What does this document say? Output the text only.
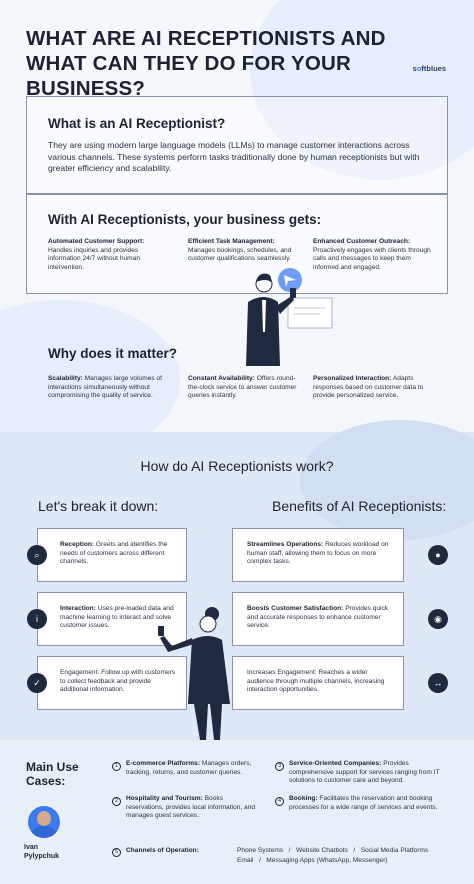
WHAT ARE AI RECEPTIONISTS AND WHAT CAN THEY DO FOR YOUR BUSINESS?
softblues
What is an AI Receptionist?

They are using modern large language models (LLMs) to manage customer interactions across various channels. These systems perform tasks traditionally done by human receptionists but with greater efficiency and scalability.

With AI Receptionists, your business gets:
Automated Customer Support:
Handles inquiries and provides information 24/7 without human intervention.
Efficient Task Management:
Manages bookings, schedules, and customer qualifications seamlessly.
Enhanced Customer Outreach:
Proactively engages with clients through calls and messages to keep them informed and engaged.
Why does it matter?
Scalability: Manages large volumes of interactions simultaneously without compromising the quality of service.
Constant Availability: Offers round-the-clock service to answer customer queries instantly.
Personalized Interaction: Adapts responses based on customer data to provide personalized service.
How do AI Receptionists work?
Let's break it down:	Benefits of AI Receptionists:
Reception: Greets and identifies the needs of customers across different channels.
⌕
Interaction: Uses pre-loaded data and machine learning to interact and solve customer issues.
i
Engagement: Follow up with customers to collect feedback and provide additional information.
✓
Streamlines Operations: Reduces workload on human staff, allowing them to focus on more complex tasks.
●
Boosts Customer Satisfaction: Provides quick and accurate responses to enhance customer service.
◉
Increases Engagement: Reaches a wider audience through multiple channels, increasing interaction opportunities.
↔
Main Use Cases:
Ivan
Pylypchuk
1	E-commerce Platforms: Manages orders, tracking, returns, and customer queries.
2	Hospitality and Tourism: Books reservations, provides local information, and manages guest services.
3	Service-Oriented Companies: Provides comprehensive support for services ranging from IT solutions to customer care and beyond.
4	Booking: Facilitates the reservation and booking processes for a wide range of services and events.
5	Channels of Operation:	Phone Systems   /   Website Chatbots   /   Social Media Platforms
Email   /   Messaging Apps (WhatsApp, Messenger)
